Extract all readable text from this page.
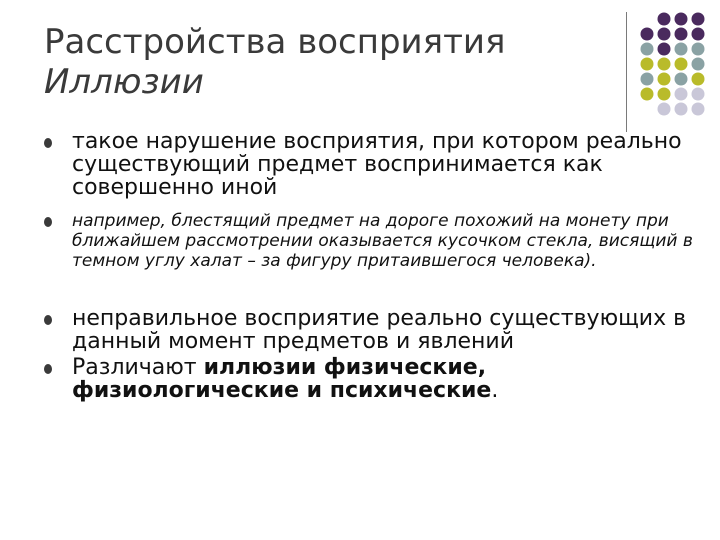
Расстройства восприятия
Иллюзии
такое нарушение восприятия, при котором реально существующий предмет воспринимается как совершенно иной
например, блестящий предмет на дороге похожий на монету при ближайшем рассмотрении оказывается кусочком стекла, висящий в темном углу халат – за фигуру притаившегося человека).
неправильное восприятие реально существующих в данный момент предметов и явлений
Различают иллюзии физические, физиологические и психические.
